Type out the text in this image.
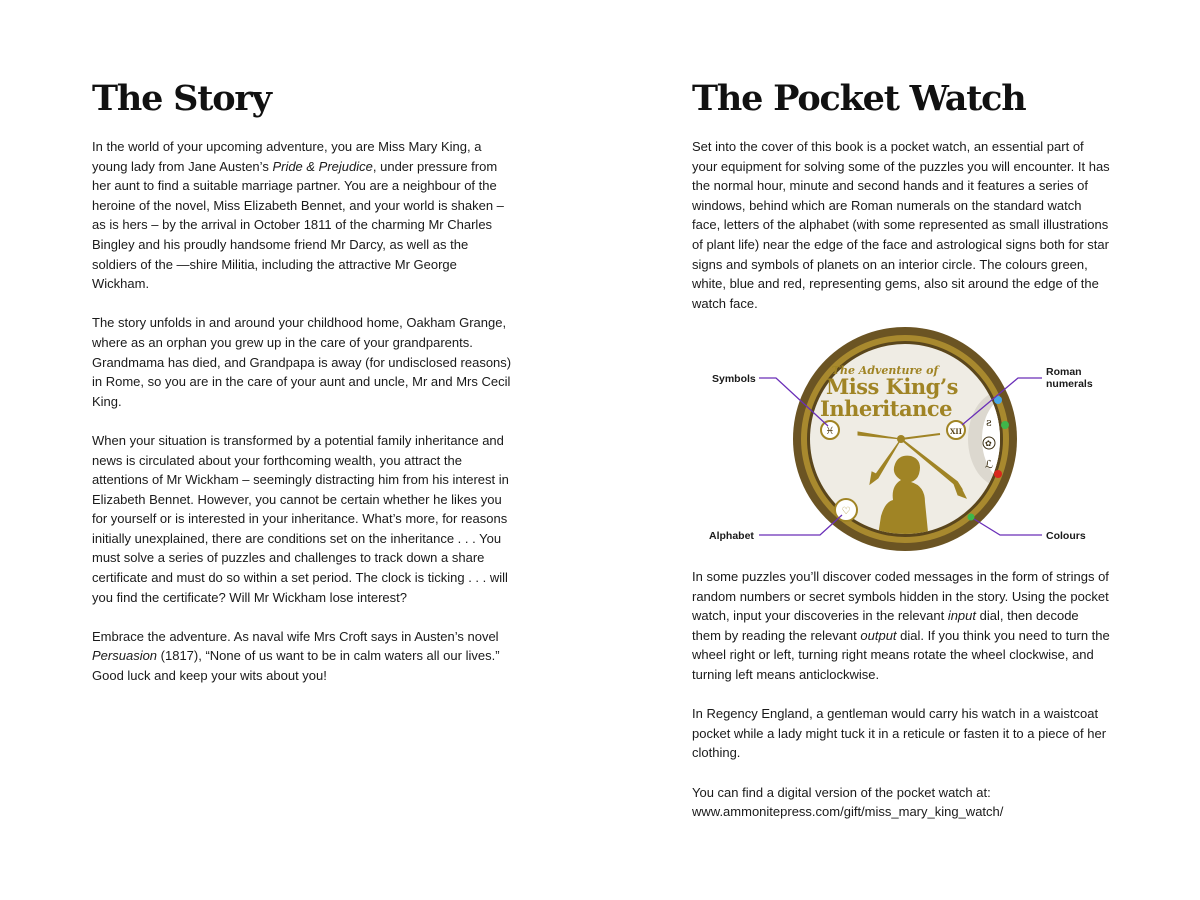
The Story

In the world of your upcoming adventure, you are Miss Mary King, a young lady from Jane Austen’s Pride & Prejudice, under pressure from her aunt to find a suitable marriage partner. You are a neighbour of the heroine of the novel, Miss Elizabeth Bennet, and your world is shaken – as is hers – by the arrival in October 1811 of the charming Mr Charles Bingley and his proudly handsome friend Mr Darcy, as well as the soldiers of the —shire Militia, including the attractive Mr George Wickham.

The story unfolds in and around your childhood home, Oakham Grange, where as an orphan you grew up in the care of your grandparents. Grandmama has died, and Grandpapa is away (for undisclosed reasons) in Rome, so you are in the care of your aunt and uncle, Mr and Mrs Cecil King.

When your situation is transformed by a potential family inheritance and news is circulated about your forthcoming wealth, you attract the attentions of Mr Wickham – seemingly distracting him from his interest in Elizabeth Bennet. However, you cannot be certain whether he likes you for yourself or is interested in your inheritance. What’s more, for reasons initially unexplained, there are conditions set on the inheritance . . . You must solve a series of puzzles and challenges to track down a share certificate and must do so within a set period. The clock is ticking . . . will you find the certificate? Will Mr Wickham lose interest?

Embrace the adventure. As naval wife Mrs Croft says in Austen’s novel Persuasion (1817), “None of us want to be in calm waters all our lives.” Good luck and keep your wits about you!

The Pocket Watch

Set into the cover of this book is a pocket watch, an essential part of your equipment for solving some of the puzzles you will encounter. It has the normal hour, minute and second hands and it features a series of windows, behind which are Roman numerals on the standard watch face, letters of the alphabet (with some represented as small illustrations of plant life) near the edge of the face and astrological signs both for star signs and symbols of planets on an interior circle. The colours green, white, blue and red, representing gems, also sit around the edge of the watch face.

The Adventure of
Miss King’s
Inheritance
♓	XII
♡
ƨ
✿
ℒ
Symbols
Roman
numerals
Alphabet	Colours

In some puzzles you’ll discover coded messages in the form of strings of random numbers or secret symbols hidden in the story. Using the pocket watch, input your discoveries in the relevant input dial, then decode them by reading the relevant output dial. If you think you need to turn the wheel right or left, turning right means rotate the wheel clockwise, and turning left means anticlockwise.

In Regency England, a gentleman would carry his watch in a waistcoat pocket while a lady might tuck it in a reticule or fasten it to a piece of her clothing.

You can find a digital version of the pocket watch at:
www.ammonitepress.com/gift/miss_mary_king_watch/
